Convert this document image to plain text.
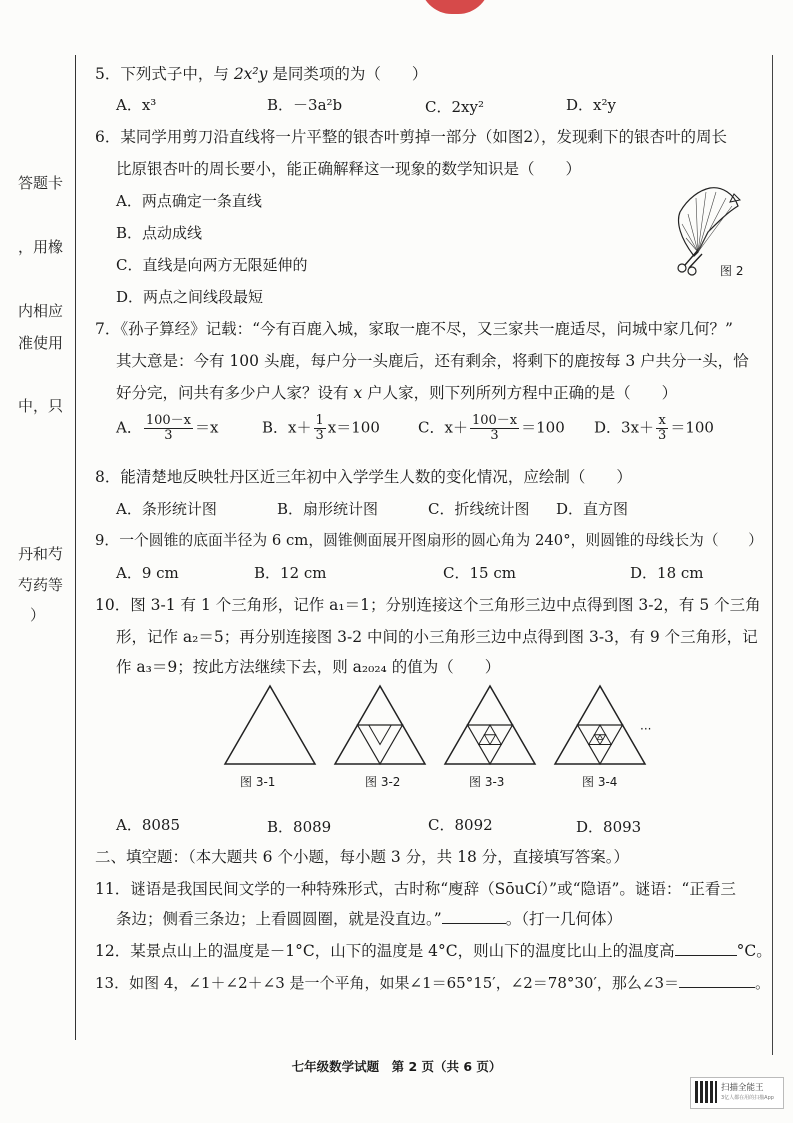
答题卡
，用橡
内相应
准使用
中，只
丹和芍
芍药等
）
5．下列式子中，与 2x²y 是同类项的为（　　）
A．x³	B．－3a²b	C．2xy²	D．x²y
6．某同学用剪刀沿直线将一片平整的银杏叶剪掉一部分（如图2），发现剩下的银杏叶的周长
比原银杏叶的周长要小，能正确解释这一现象的数学知识是（　　）
A．两点确定一条直线
B．点动成线
C．直线是向两方无限延伸的
D．两点之间线段最短
图 2
7．《孙子算经》记载：“今有百鹿入城，家取一鹿不尽，又三家共一鹿适尽，问城中家几何？”
其大意是：今有 100 头鹿，每户分一头鹿后，还有剩余，将剩下的鹿按每 3 户共分一头，恰
好分完，问共有多少户人家？设有 x 户人家，则下列所列方程中正确的是（　　）
A． $\frac{100-x}{3} =x$	B．$x+ \frac{1}{3} x=100$	C．$x+ \frac{100-x}{3} =100$ D．$3x+ \frac{x}{3} =100$
8．能清楚地反映牡丹区近三年初中入学学生人数的变化情况，应绘制（　　）
A．条形统计图	B．扇形统计图	C．折线统计图 D．直方图
9．一个圆锥的底面半径为 6 cm，圆锥侧面展开图扇形的圆心角为 240°，则圆锥的母线长为（　　）
A．9 cm	B．12 cm	C．15 cm	D．18 cm
10．图 3-1 有 1 个三角形，记作 a₁＝1；分别连接这个三角形三边中点得到图 3-2，有 5 个三角
形，记作 a₂＝5；再分别连接图 3-2 中间的小三角形三边中点得到图 3-3，有 9 个三角形，记
作 a₃＝9；按此方法继续下去，则 a₂₀₂₄ 的值为（　　）
···
图 3-1	图 3-2	图 3-3	图 3-4
A．8085	B．8089	C．8092	D．8093
二、填空题：（本大题共 6 个小题，每小题 3 分，共 18 分，直接填写答案。）
11．谜语是我国民间文学的一种特殊形式，古时称“廋辞（SōuCí）”或“隐语”。谜语：“正看三
条边；侧看三条边；上看圆圆圈，就是没直边。”	。（打一几何体）
12．某景点山上的温度是－1°C，山下的温度是 4°C，则山下的温度比山上的温度高	°C。
13．如图 4，∠1＋∠2＋∠3 是一个平角，如果∠1＝65°15′，∠2＝78°30′，那么∠3＝	。
七年级数学试题　第 2 页（共 6 页）
扫描全能王
3亿人都在用的扫描App
